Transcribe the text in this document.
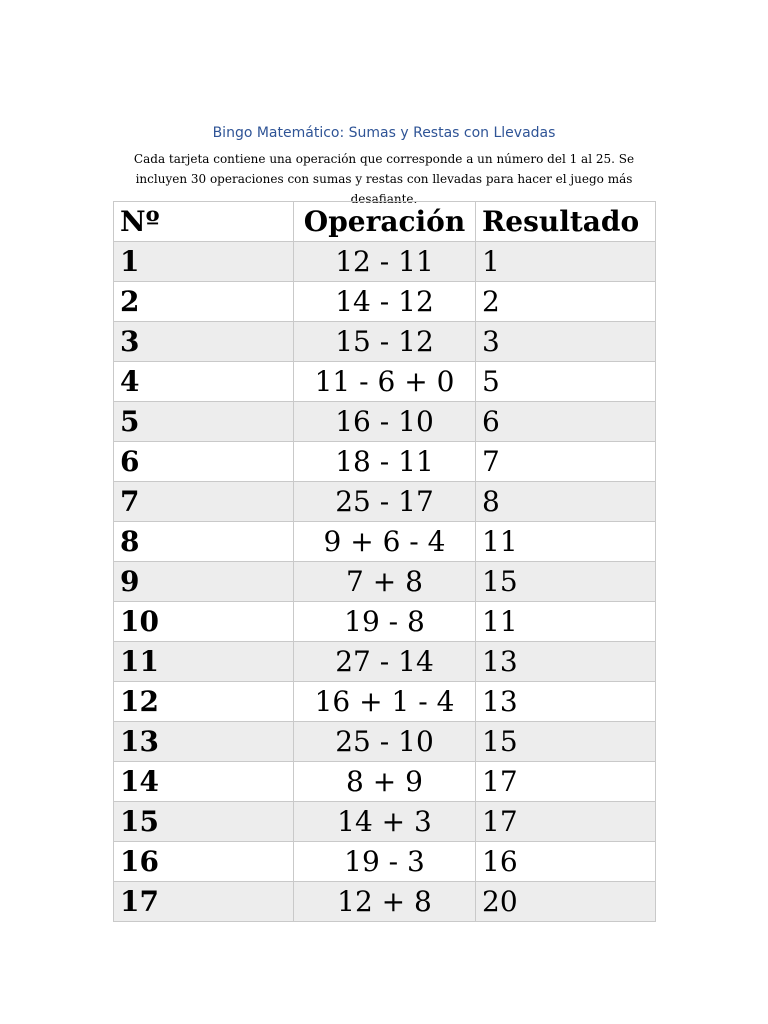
Bingo Matemático: Sumas y Restas con Llevadas

Cada tarjeta contiene una operación que corresponde a un número del 1 al 25. Se incluyen 30 operaciones con sumas y restas con llevadas para hacer el juego más desafiante.

Nº	Operación	Resultado
1	12 - 11	1
2	14 - 12	2
3	15 - 12	3
4	11 - 6 + 0	5
5	16 - 10	6
6	18 - 11	7
7	25 - 17	8
8	9 + 6 - 4	11
9	7 + 8	15
10	19 - 8	11
11	27 - 14	13
12	16 + 1 - 4	13
13	25 - 10	15
14	8 + 9	17
15	14 + 3	17
16	19 - 3	16
17	12 + 8	20
